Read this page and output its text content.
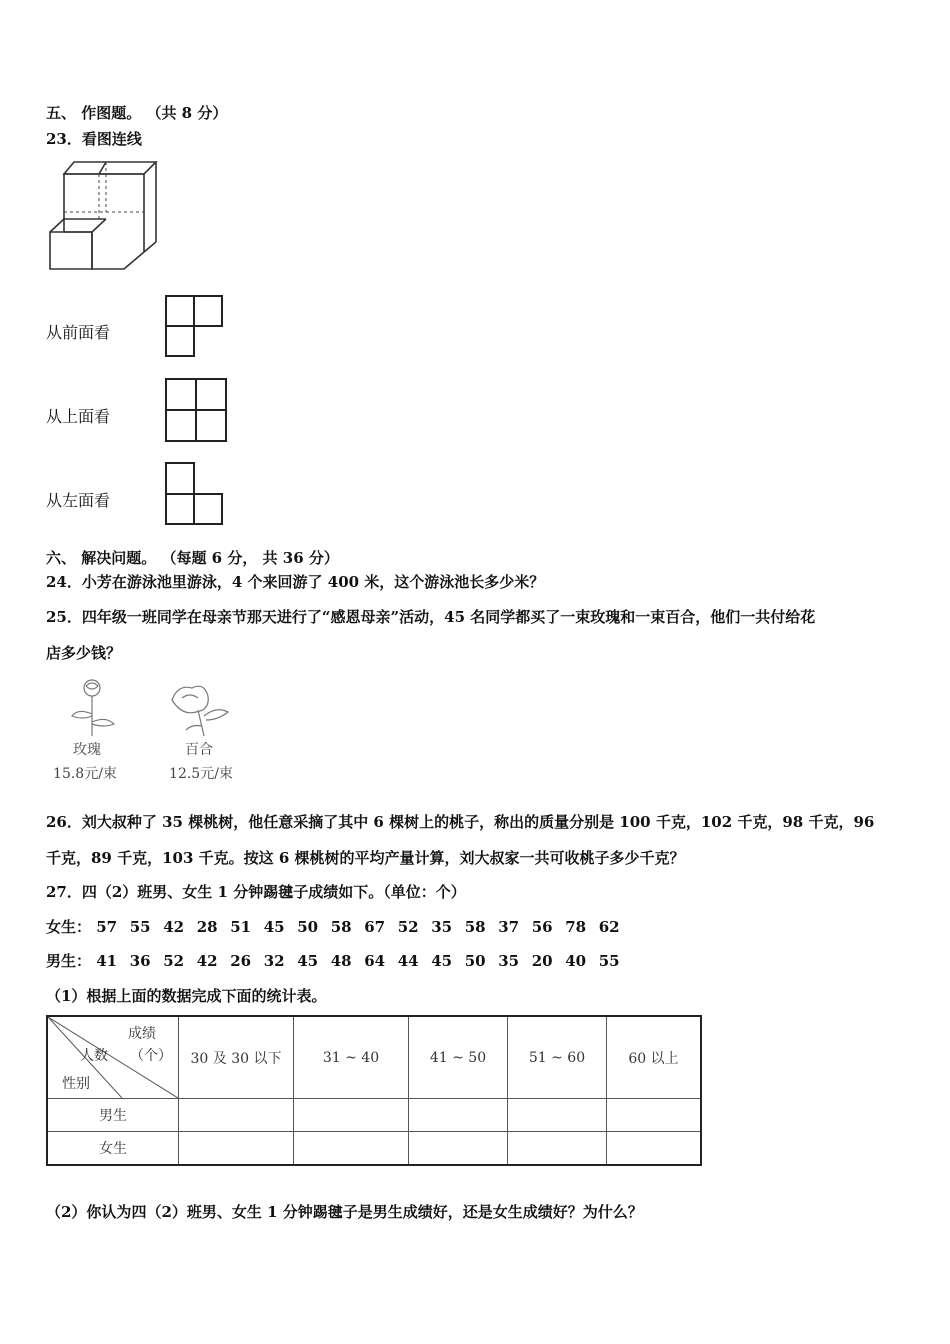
五、 作图题。 （共 8 分）
23．看图连线
从前面看
从上面看
从左面看
六、 解决问题。 （每题 6 分， 共 36 分）
24．小芳在游泳池里游泳，4 个来回游了 400 米，这个游泳池长多少米？
25．四年级一班同学在母亲节那天进行了“感恩母亲”活动，45 名同学都买了一束玫瑰和一束百合，他们一共付给花
店多少钱？
玫瑰	百合
15.8元/束	12.5元/束
26．刘大叔种了 35 棵桃树，他任意采摘了其中 6 棵树上的桃子，称出的质量分别是 100 千克，102 千克，98 千克，96
千克，89 千克，103 千克。按这 6 棵桃树的平均产量计算，刘大叔家一共可收桃子多少千克？
27．四（2）班男、女生 1 分钟踢毽子成绩如下。（单位：个）
女生： 57 55 42 28 51 45 50 58 67 52 35 58 37 56 78 62
男生： 41 36 52 42 26 32 45 48 64 44 45 50 35 20 40 55
（1）根据上面的数据完成下面的统计表。
成绩
（个）
人数
性别	30 及 30 以下	31 ~ 40	41 ~ 50	51 ~ 60	60 以上
男生					
女生					
（2）你认为四（2）班男、女生 1 分钟踢毽子是男生成绩好，还是女生成绩好？为什么？
